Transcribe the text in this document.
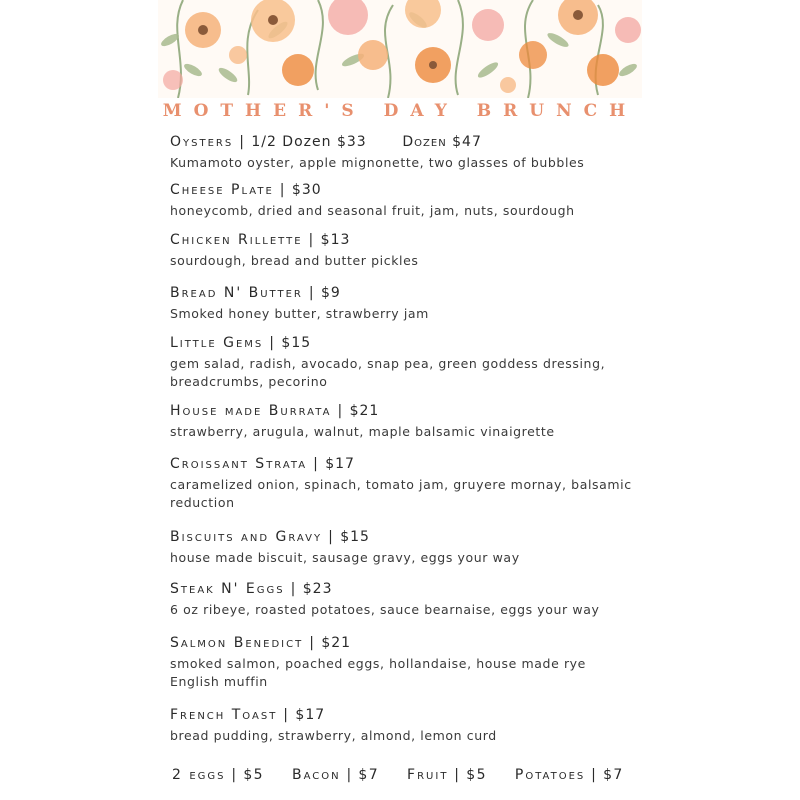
MOTHER'S DAY BRUNCH
Oysters | 1/2 Dozen $33	Dozen $47
Kumamoto oyster, apple mignonette, two glasses of bubbles
Cheese Plate | $30
honeycomb, dried and seasonal fruit, jam, nuts, sourdough
Chicken Rillette | $13
sourdough, bread and butter pickles
Bread N' Butter | $9
Smoked honey butter, strawberry jam
Little Gems | $15
gem salad, radish, avocado, snap pea, green goddess dressing, breadcrumbs, pecorino
House made Burrata | $21
strawberry, arugula, walnut, maple balsamic vinaigrette
Croissant Strata | $17
caramelized onion, spinach, tomato jam, gruyere mornay, balsamic reduction
Biscuits and Gravy | $15
house made biscuit, sausage gravy, eggs your way
Steak N' Eggs | $23
6 oz ribeye, roasted potatoes, sauce bearnaise, eggs your way
Salmon Benedict | $21
smoked salmon, poached eggs, hollandaise, house made rye English muffin
French Toast | $17
bread pudding, strawberry, almond, lemon curd
2 eggs | $5 Bacon | $7 Fruit | $5 Potatoes | $7
